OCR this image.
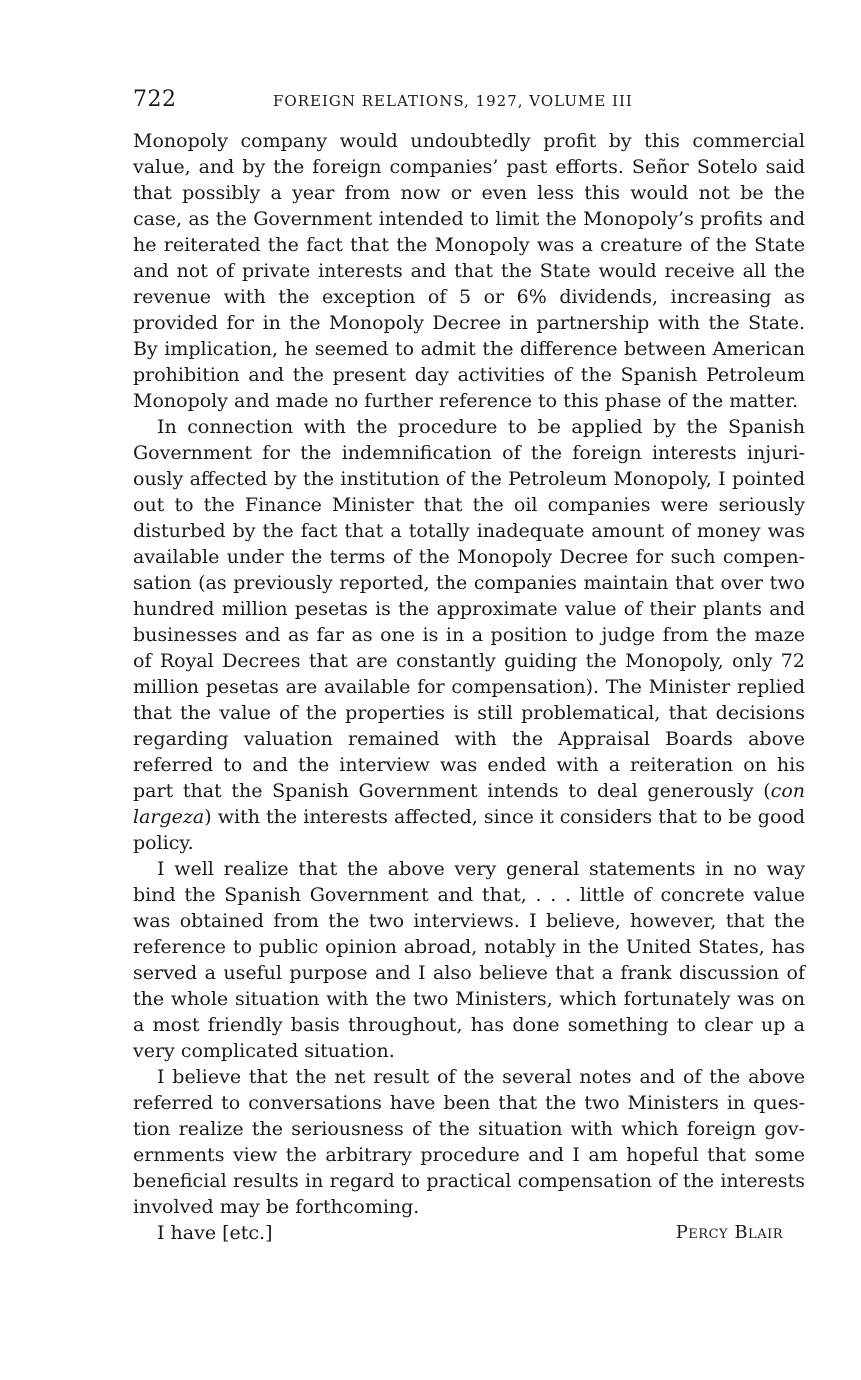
722	FOREIGN RELATIONS, 1927, VOLUME III

Monopoly company would undoubtedly profit by this commercial value, and by the foreign companies’ past efforts. Señor Sotelo said that possibly a year from now or even less this would not be the case, as the Government intended to limit the Monopoly’s profits and he reiterated the fact that the Monopoly was a creature of the State and not of private interests and that the State would receive all the revenue with the exception of 5 or 6% dividends, increasing as provided for in the Monopoly Decree in partnership with the State. By implication, he seemed to admit the difference between American prohibition and the present day activities of the Spanish Petroleum Monopoly and made no further reference to this phase of the matter.

In connection with the procedure to be applied by the Spanish Government for the indemnification of the foreign interests injuriously affected by the institution of the Petroleum Monopoly, I pointed out to the Finance Minister that the oil companies were seriously disturbed by the fact that a totally inadequate amount of money was available under the terms of the Monopoly Decree for such compensation (as previously reported, the companies maintain that over two hundred million pesetas is the approximate value of their plants and businesses and as far as one is in a position to judge from the maze of Royal Decrees that are constantly guiding the Monopoly, only 72 million pesetas are available for compensation). The Minister replied that the value of the properties is still problematical, that decisions regarding valuation remained with the Appraisal Boards above referred to and the interview was ended with a reiteration on his part that the Spanish Government intends to deal generously (con largeza) with the interests affected, since it considers that to be good policy.

I well realize that the above very general statements in no way bind the Spanish Government and that, . . . little of concrete value was obtained from the two interviews. I believe, however, that the reference to public opinion abroad, notably in the United States, has served a useful purpose and I also believe that a frank discussion of the whole situation with the two Ministers, which fortunately was on a most friendly basis throughout, has done something to clear up a very complicated situation.

I believe that the net result of the several notes and of the above referred to conversations have been that the two Ministers in question realize the seriousness of the situation with which foreign governments view the arbitrary procedure and I am hopeful that some beneficial results in regard to practical compensation of the interests involved may be forthcoming.

I have [etc.]	Percy Blair
